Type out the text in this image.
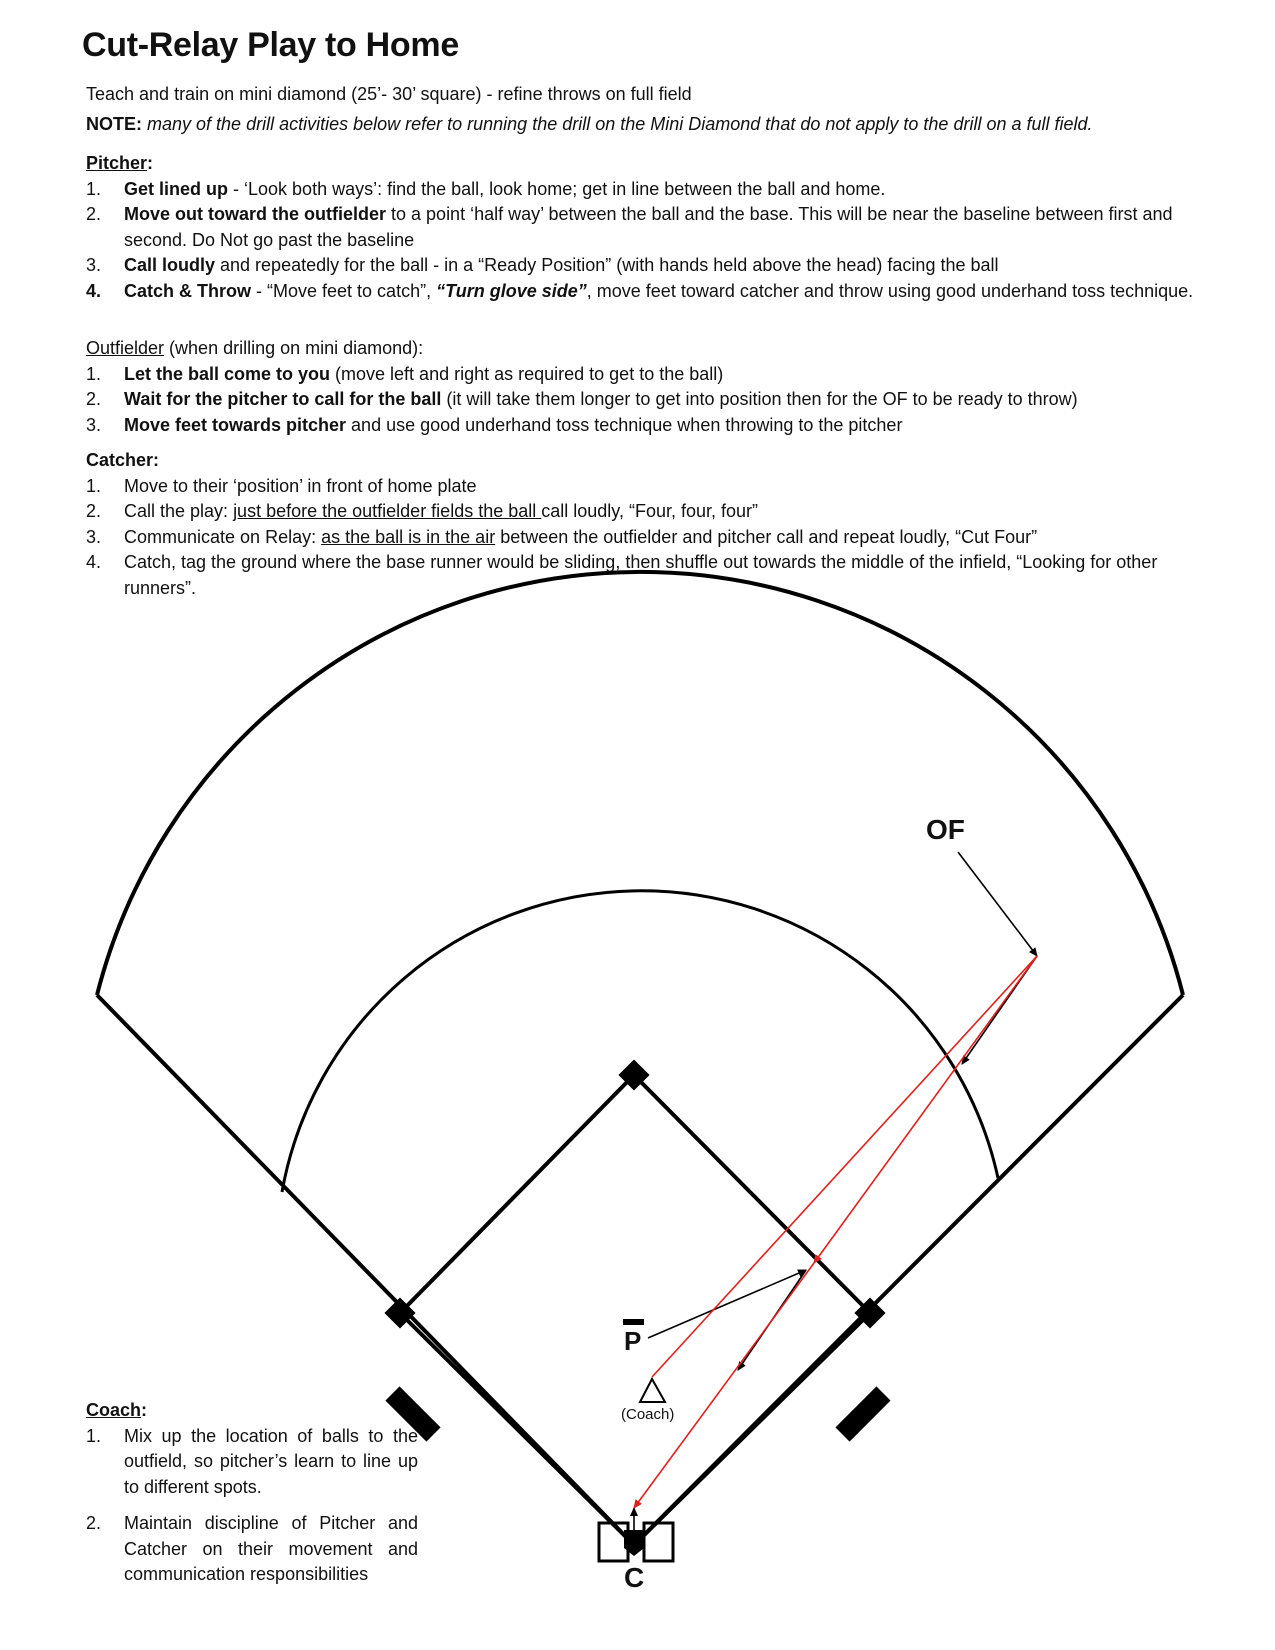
Cut-Relay Play to Home
Teach and train on mini diamond (25’- 30’ square) - refine throws on full field
NOTE: many of the drill activities below refer to running the drill on the Mini Diamond that do not apply to the drill on a full field.
Pitcher:
1. Get lined up - ‘Look both ways’: find the ball, look home; get in line between the ball and home.
2. Move out toward the outfielder to a point ‘half way’ between the ball and the base. This will be near the baseline between first and second. Do Not go past the baseline
3. Call loudly and repeatedly for the ball - in a “Ready Position” (with hands held above the head) facing the ball
4. Catch & Throw - “Move feet to catch”, “Turn glove side”, move feet toward catcher and throw using good underhand toss technique.
Outfielder (when drilling on mini diamond):
1. Let the ball come to you (move left and right as required to get to the ball)
2. Wait for the pitcher to call for the ball (it will take them longer to get into position then for the OF to be ready to throw)
3. Move feet towards pitcher and use good underhand toss technique when throwing to the pitcher
Catcher:
1. Move to their ‘position’ in front of home plate
2. Call the play: just before the outfielder fields the ball call loudly, “Four, four, four”
3. Communicate on Relay: as the ball is in the air between the outfielder and pitcher call and repeat loudly, “Cut Four”
4. Catch, tag the ground where the base runner would be sliding, then shuffle out towards the middle of the infield, “Looking for other runners”.
OF
P
C
(Coach)
Coach:
1. Mix up the location of balls to the outfield, so pitcher’s learn to line up to different spots.
2. Maintain discipline of Pitcher and Catcher on their movement and communication responsibilities
